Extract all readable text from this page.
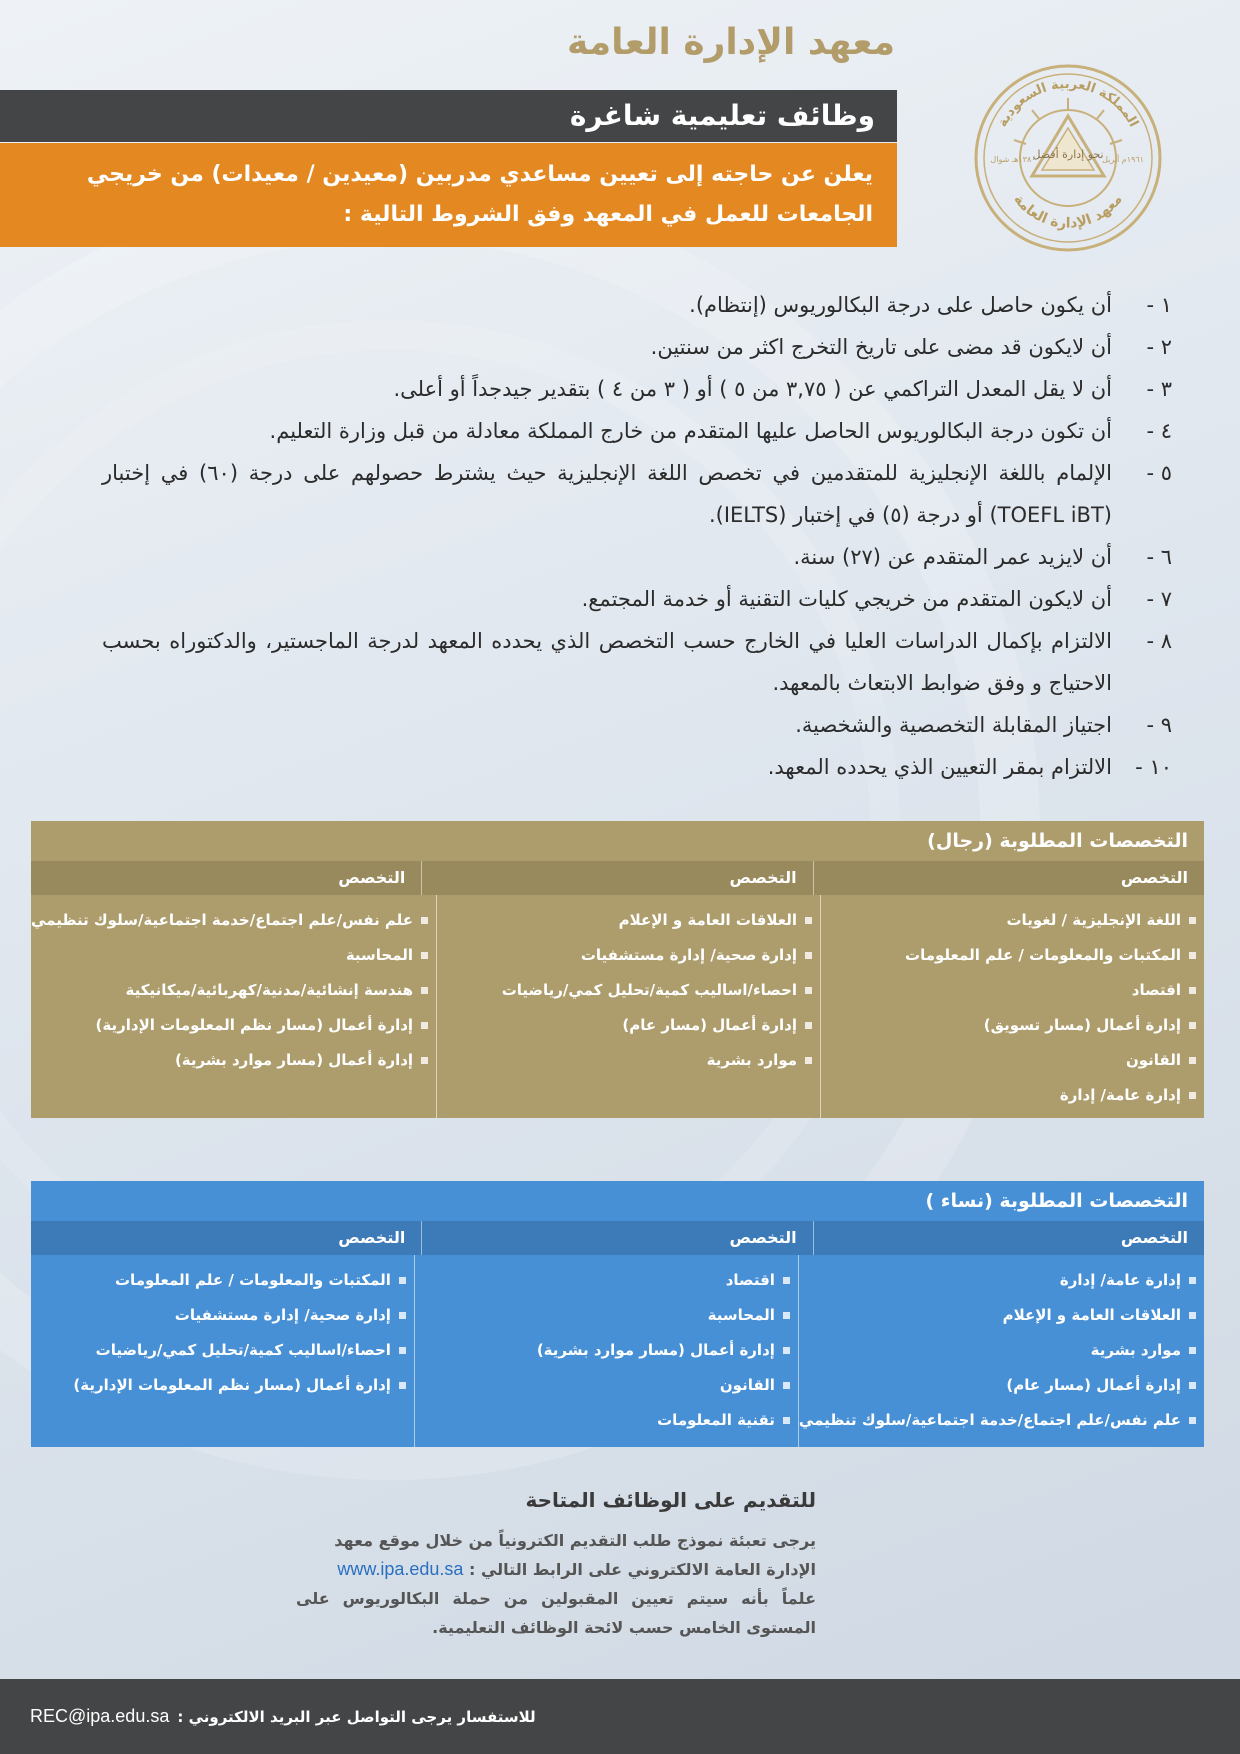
معهد الإدارة العامة
المملكة العربية السعودية
نحو إدارة أفضل
١٣٨٠هـ شوال	١٩٦١م أبريل
معهد الإدارة العامة
وظائف تعليمية شاغرة
يعلن عن حاجته إلى تعيين مساعدي مدربين (معيدين / معيدات) من خريجي الجامعات للعمل في المعهد وفق الشروط التالية :
١ -
أن يكون حاصل على درجة البكالوريوس (إنتظام).
٢ -
أن لايكون قد مضى على تاريخ التخرج اكثر من سنتين.
٣ -
أن لا يقل المعدل التراكمي عن ( ٣,٧٥ من ٥ ) أو ( ٣ من ٤ ) بتقدير جيدجداً أو أعلى.
٤ -
أن تكون درجة البكالوريوس الحاصل عليها المتقدم من خارج المملكة معادلة من قبل وزارة التعليم.
٥ -
الإلمام باللغة الإنجليزية للمتقدمين في تخصص اللغة الإنجليزية حيث يشترط حصولهم على درجة (٦٠) في إختبار (TOEFL iBT) أو درجة (٥) في إختبار (IELTS).
٦ -
أن لايزيد عمر المتقدم عن (٢٧) سنة.
٧ -
أن لايكون المتقدم من خريجي كليات التقنية أو خدمة المجتمع.
٨ -
الالتزام بإكمال الدراسات العليا في الخارج حسب التخصص الذي يحدده المعهد لدرجة الماجستير، والدكتوراه بحسب الاحتياج و وفق ضوابط الابتعاث بالمعهد.
٩ -
اجتياز المقابلة التخصصية والشخصية.
١٠ -
الالتزام بمقر التعيين الذي يحدده المعهد.
التخصصات المطلوبة (رجال)
التخصص
التخصص
التخصص
اللغة الإنجليزية / لغويات
المكتبات والمعلومات / علم المعلومات
اقتصاد
إدارة أعمال (مسار تسويق)
القانون
إدارة عامة/ إدارة
العلاقات العامة و الإعلام
إدارة صحية/ إدارة مستشفيات
احصاء/اساليب كمية/تحليل كمي/رياضيات
إدارة أعمال (مسار عام)
موارد بشرية
علم نفس/علم اجتماع/خدمة اجتماعية/سلوك تنظيمي
المحاسبة
هندسة إنشائية/مدنية/كهربائية/ميكانيكية
إدارة أعمال (مسار نظم المعلومات الإدارية)
إدارة أعمال (مسار موارد بشرية)
التخصصات المطلوبة (نساء )
التخصص
التخصص
التخصص
إدارة عامة/ إدارة
العلاقات العامة و الإعلام
موارد بشرية
إدارة أعمال (مسار عام)
علم نفس/علم اجتماع/خدمة اجتماعية/سلوك تنظيمي
اقتصاد
المحاسبة
إدارة أعمال (مسار موارد بشرية)
القانون
تقنية المعلومات
المكتبات والمعلومات / علم المعلومات
إدارة صحية/ إدارة مستشفيات
احصاء/اساليب كمية/تحليل كمي/رياضيات
إدارة أعمال (مسار نظم المعلومات الإدارية)
للتقديم على الوظائف المتاحة
يرجى تعبئة نموذج طلب التقديم الكترونياً من خلال موقع معهد الإدارة العامة الالكتروني على الرابط التالي : www.ipa.edu.sa
علماً بأنه سيتم تعيين المقبولين من حملة البكالوريوس على المستوى الخامس حسب لائحة الوظائف التعليمية.
للاستفسار يرجى التواصل عبر البريد الالكتروني :
REC@ipa.edu.sa
